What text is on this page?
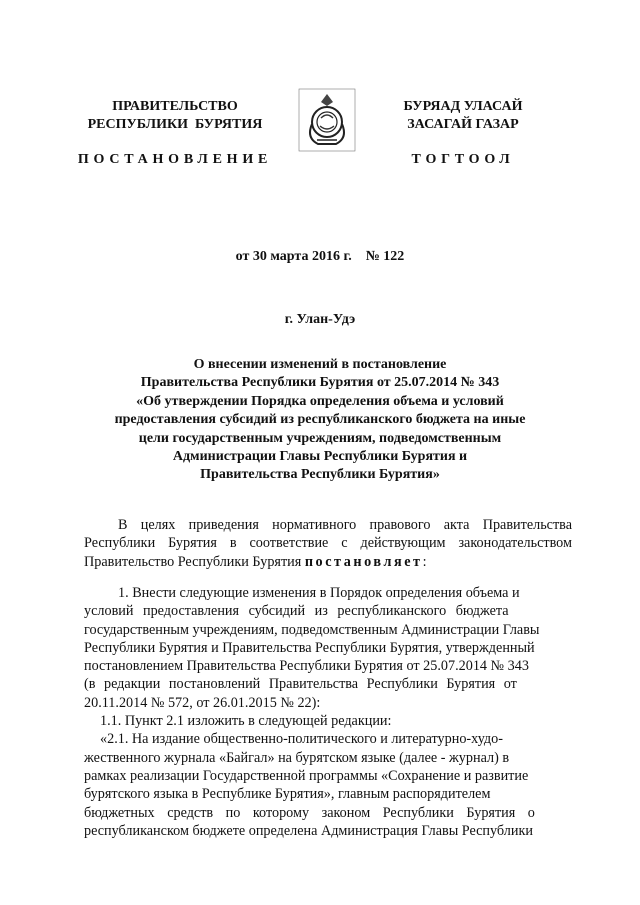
ПРАВИТЕЛЬСТВО
РЕСПУБЛИКИ  БУРЯТИЯ
ПОСТАНОВЛЕНИЕ
БУРЯАД УЛАСАЙ
ЗАСАГАЙ ГАЗАР
ТОГТООЛ
от 30 марта 2016 г. № 122
г. Улан-Удэ
О внесении изменений в постановление
Правительства Республики Бурятия от 25.07.2014 № 343
«Об утверждении Порядка определения объема и условий
предоставления субсидий из республиканского бюджета на иные
цели государственным учреждениям, подведомственным
Администрации Главы Республики Бурятия и
Правительства Республики Бурятия»
В целях приведения нормативного правового акта Правительства Республики Бурятия в соответствие с действующим законодательством Правительство Республики Бурятия постановляет:
1. Внести следующие изменения в Порядок определения объема и
условий предоставления субсидий из республиканского бюджета
государственным учреждениям, подведомственным Администрации Главы
Республики Бурятия и Правительства Республики Бурятия, утвержденный
постановлением Правительства Республики Бурятия от 25.07.2014 № 343
(в редакции постановлений Правительства Республики Бурятия от
20.11.2014 № 572, от 26.01.2015 № 22):
1.1. Пункт 2.1 изложить в следующей редакции:
«2.1. На издание общественно-политического и литературно-худо-
жественного журнала «Байгал» на бурятском языке (далее - журнал) в
рамках реализации Государственной программы «Сохранение и развитие
бурятского языка в Республике Бурятия», главным распорядителем
бюджетных средств по которому законом Республики Бурятия о
республиканском бюджете определена Администрация Главы Республики
